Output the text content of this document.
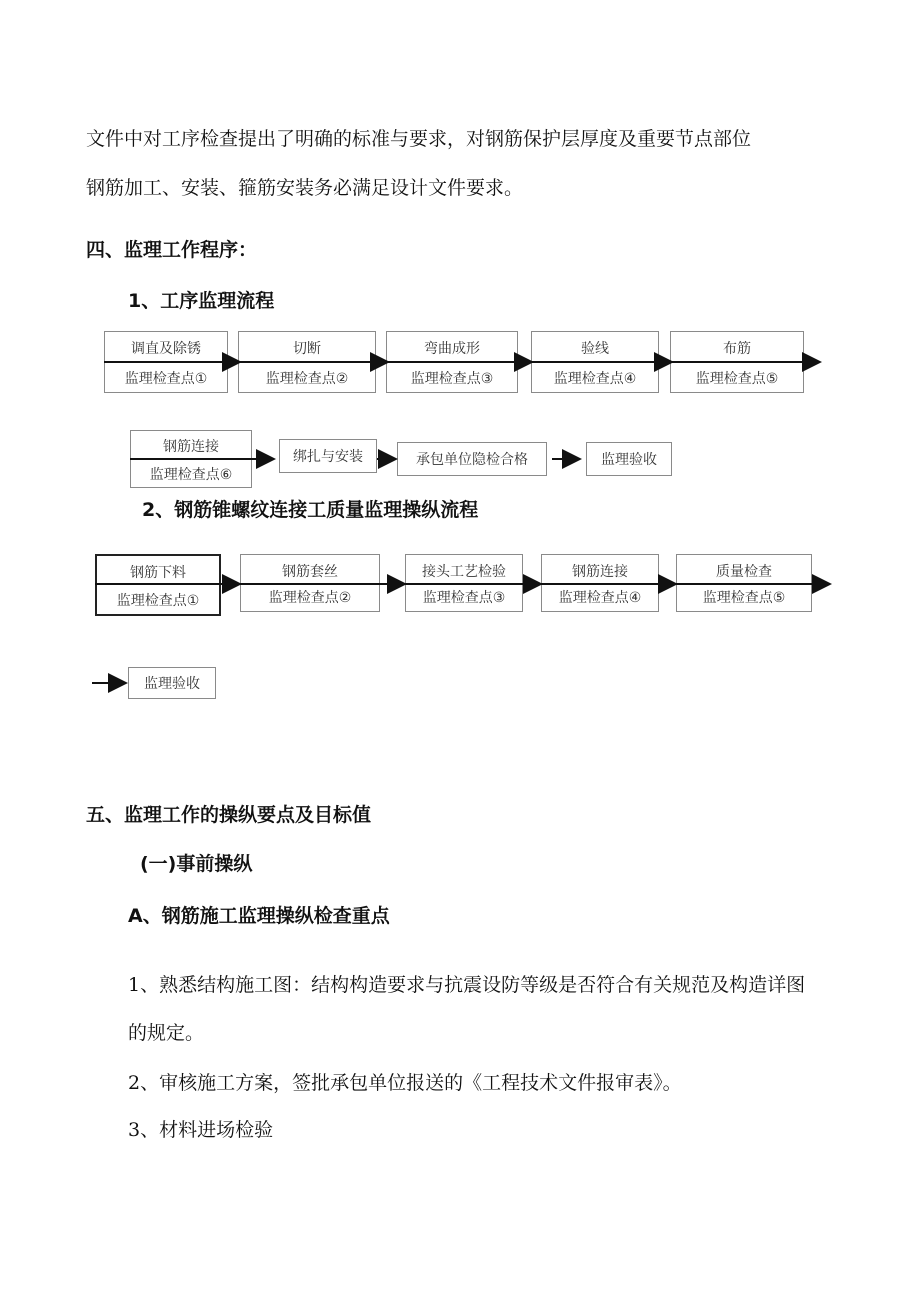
文件中对工序检查提出了明确的标准与要求，对钢筋保护层厚度及重要节点部位
钢筋加工、安装、箍筋安装务必满足设计文件要求。
四、监理工作程序：
1、工序监理流程
调直及除锈
监理检查点①
切断
监理检查点②
弯曲成形
监理检查点③
验线
监理检查点④
布筋
监理检查点⑤
钢筋连接
监理检查点⑥
绑扎与安装	承包单位隐检合格	监理验收
2、钢筋锥螺纹连接工质量监理操纵流程
钢筋下料
监理检查点①
钢筋套丝
监理检查点②
接头工艺检验
监理检查点③
钢筋连接
监理检查点④
质量检查
监理检查点⑤
监理验收
五、监理工作的操纵要点及目标值
(一)事前操纵
A、钢筋施工监理操纵检查重点
1、熟悉结构施工图：结构构造要求与抗震设防等级是否符合有关规范及构造详图
的规定。
2、审核施工方案，签批承包单位报送的《工程技术文件报审表》。
3、材料进场检验
